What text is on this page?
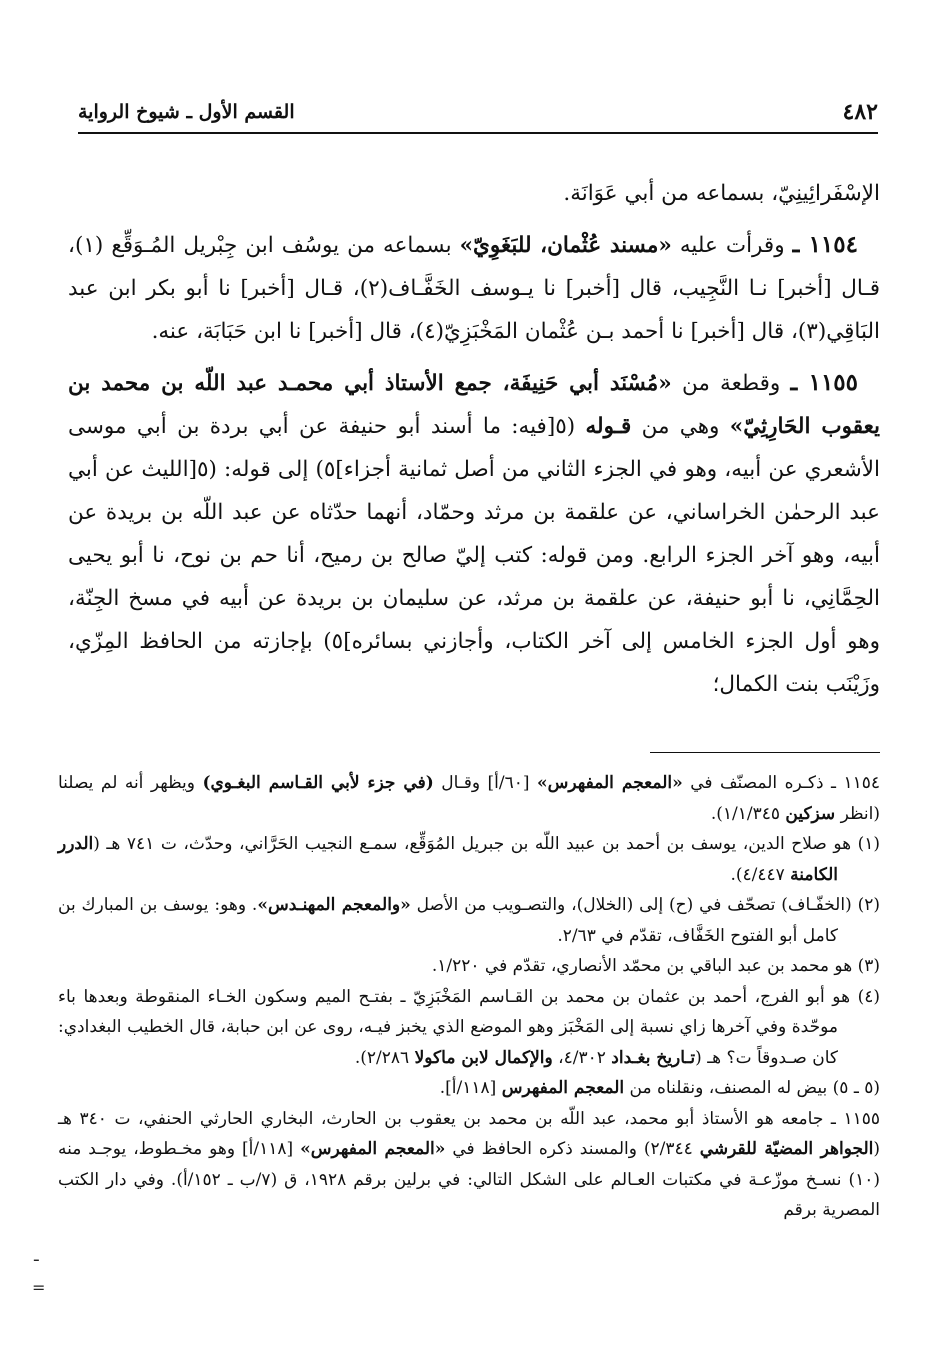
٤٨٢
القسم الأول ـ شيوخ الرواية

الإسْفَرائِينِيّ، بسماعه من أبي عَوَانَة.

١١٥٤ ـ وقرأت عليه «مسند عُثْمان، للبَغَوِيّ» بسماعه من يوسُف ابن جِبْريل المُـوَقِّع (١)، قـال [أخبر] نـا النَّجِيب، قال [أخبر] نا يـوسف الخَفَّـاف(٢)، قـال [أخبر] نا أبو بكر ابن عبد البَاقِي(٣)، قال [أخبر] نا أحمد بـن عُثْمان المَخْبَزِيّ(٤)، قال [أخبر] نا ابن حَبَابَة، عنه.

١١٥٥ ـ وقطعة من «مُسْنَد أبي حَنِيفَة، جمع الأستاذ أبي محمـد عبد اللّه بن محمد بن يعقوب الحَارِثِيّ» وهي من قـوله (٥[فيه: ما أسند أبو حنيفة عن أبي بردة بن أبي موسى الأشعري عن أبيه، وهو في الجزء الثاني من أصل ثمانية أجزاء]٥) إلى قوله: (٥[الليث عن أبي عبد الرحمٰن الخراساني، عن علقمة بن مرثد وحمّاد، أنهما حدّثاه عن عبد اللّه بن بريدة عن أبيه، وهو آخر الجزء الرابع. ومن قوله: كتب إليّ صالح بن رميح، أنا حم بن نوح، نا أبو يحيى الحِمَّانِي، نا أبو حنيفة، عن علقمة بن مرثد، عن سليمان بن بريدة عن أبيه في مسخ الجِنّة، وهو أول الجزء الخامس إلى آخر الكتاب، وأجازني بسائره]٥) بإجازته من الحافظ المِزّي، وزَيْنَب بنت الكمال؛

١١٥٤ ـ ذكـره المصنّف في «المعجم المفهرس» [٦٠/أ] وقـال (في جزء لأبي القـاسم البغـوي) ويظهر أنه لم يصلنا (انظر سزكين ١/١/٣٤٥).

(١) هو صلاح الدين، يوسف بن أحمد بن عبيد اللّه بن جبريل المُوَقِّع، سمـع النجيب الحَرَّاني، وحدّث، ت ٧٤١ هـ (الدرر الكامنة ٤/٤٤٧).

(٢) (الخفّـاف) تصحّف في (ح) إلى (الخلال)، والتصـويب من الأصل «والمعجم المهنـدس». وهو: يوسف بن المبارك بن كامل أبو الفتوح الخَفَّاف، تقدّم في ٢/٦٣.

(٣) هو محمد بن عبد الباقي بن محمّد الأنصاري، تقدّم في ١/٢٢٠.

(٤) هو أبو الفرج، أحمد بن عثمان بن محمد بن القـاسم المَخْبَزِيّ ـ بفتـح الميم وسكون الخـاء المنقوطة وبعدها باء موحّدة وفي آخرها زاي نسبة إلى المَخْبَز وهو الموضع الذي يخبز فيـه، روى عن ابن حبابة، قال الخطيب البغدادي: كان صـدوقاً ت؟ هـ (تـاريخ بغـداد ٤/٣٠٢، والإكمال لابن ماكولا ٢/٢٨٦).

(٥ ـ ٥) بيض له المصنف، ونقلناه من المعجم المفهرس [١١٨/أ].

١١٥٥ ـ جامعه هو الأستاذ أبو محمد، عبد اللّه بن محمد بن يعقوب بن الحارث، البخاري الحارثي الحنفي، ت ٣٤٠ هـ (الجواهر المضيّة للقرشي ٢/٣٤٤) والمسند ذكره الحافظ في «المعجم المفهرس» [١١٨/أ] وهو مخـطوط، يوجـد منه (١٠) نسـخ موزّعـة في مكتبات العـالم على الشكل التالي: في برلين برقم ١٩٢٨، ق (٧/ب ـ ١٥٢/أ). وفي دار الكتب المصرية برقم

ـ
=
